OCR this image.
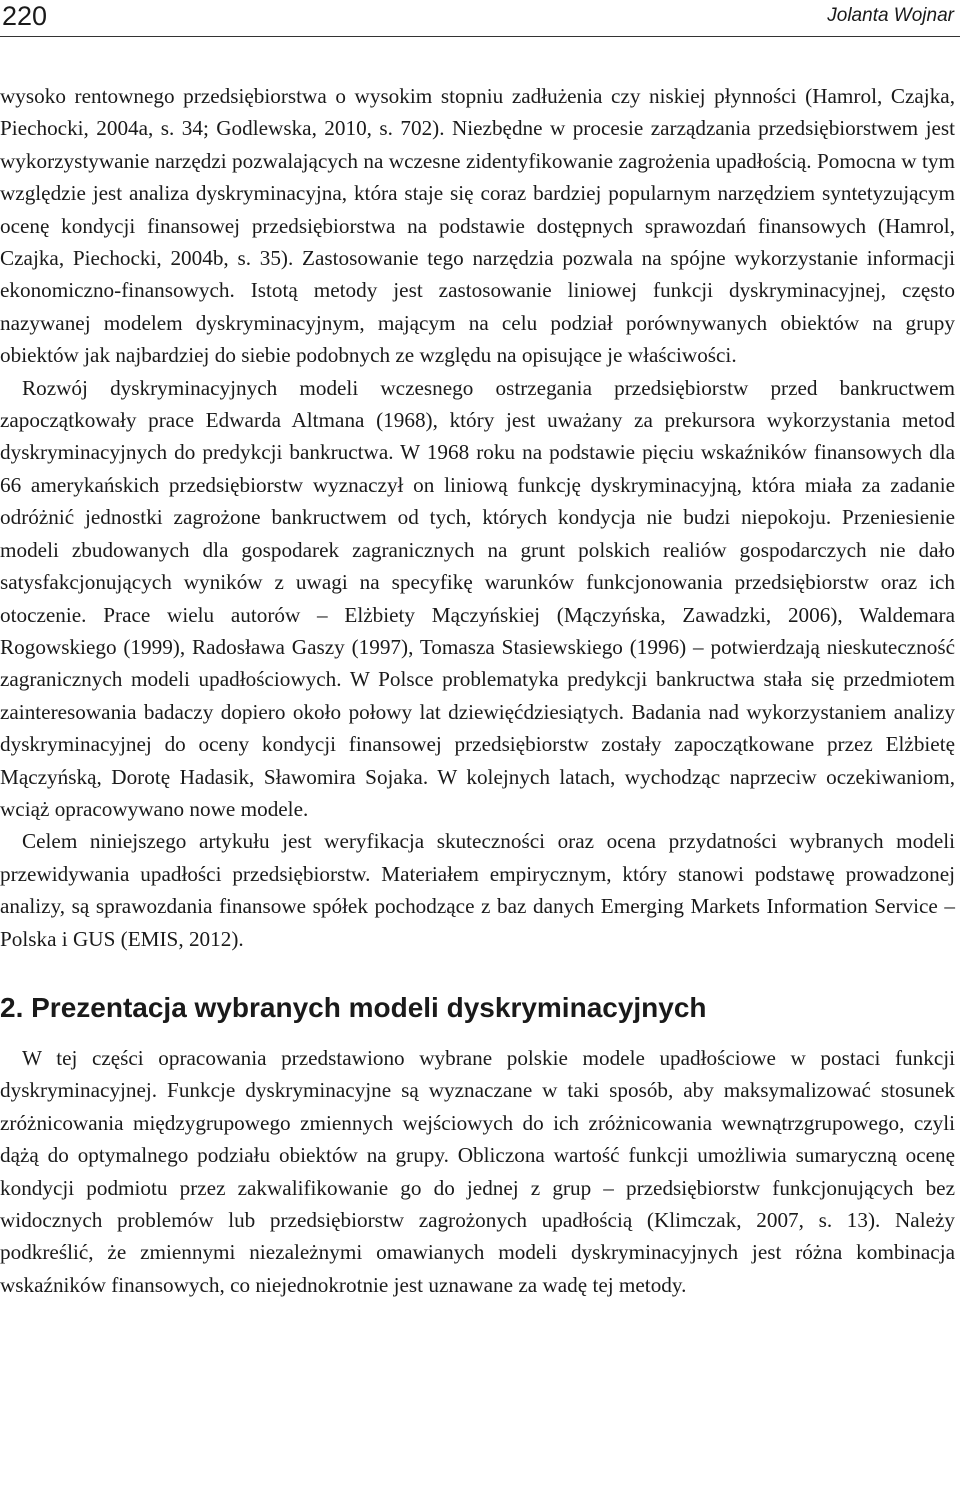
220	Jolanta Wojnar

wysoko rentownego przedsiębiorstwa o wysokim stopniu zadłużenia czy niskiej płynności (Hamrol, Czajka, Piechocki, 2004a, s. 34; Godlewska, 2010, s. 702). Niezbędne w procesie zarządzania przedsiębiorstwem jest wykorzystywanie narzędzi pozwalających na wczesne zidentyfikowanie zagrożenia upadłością. Pomocna w tym względzie jest analiza dyskryminacyjna, która staje się coraz bardziej popularnym narzędziem syntetyzującym ocenę kondycji finansowej przedsiębiorstwa na podstawie dostępnych sprawozdań finansowych (Hamrol, Czajka, Piechocki, 2004b, s. 35). Zastosowanie tego narzędzia pozwala na spójne wykorzystanie informacji ekonomiczno-finansowych. Istotą metody jest zastosowanie liniowej funkcji dyskryminacyjnej, często nazywanej modelem dyskryminacyjnym, mającym na celu podział porównywanych obiektów na grupy obiektów jak najbardziej do siebie podobnych ze względu na opisujące je właściwości.

Rozwój dyskryminacyjnych modeli wczesnego ostrzegania przedsiębiorstw przed bankructwem zapoczątkowały prace Edwarda Altmana (1968), który jest uważany za prekursora wykorzystania metod dyskryminacyjnych do predykcji bankructwa. W 1968 roku na podstawie pięciu wskaźników finansowych dla 66 amerykańskich przedsiębiorstw wyznaczył on liniową funkcję dyskryminacyjną, która miała za zadanie odróżnić jednostki zagrożone bankructwem od tych, których kondycja nie budzi niepokoju. Przeniesienie modeli zbudowanych dla gospodarek zagranicznych na grunt polskich realiów gospodarczych nie dało satysfakcjonujących wyników z uwagi na specyfikę warunków funkcjonowania przedsiębiorstw oraz ich otoczenie. Prace wielu autorów – Elżbiety Mączyńskiej (Mączyńska, Zawadzki, 2006), Waldemara Rogowskiego (1999), Radosława Gaszy (1997), Tomasza Stasiewskiego (1996) – potwierdzają nieskuteczność zagranicznych modeli upadłościowych. W Polsce problematyka predykcji bankructwa stała się przedmiotem zainteresowania badaczy dopiero około połowy lat dziewięćdziesiątych. Badania nad wykorzystaniem analizy dyskryminacyjnej do oceny kondycji finansowej przedsiębiorstw zostały zapoczątkowane przez Elżbietę Mączyńską, Dorotę Hadasik, Sławomira Sojaka. W kolejnych latach, wychodząc naprzeciw oczekiwaniom, wciąż opracowywano nowe modele.

Celem niniejszego artykułu jest weryfikacja skuteczności oraz ocena przydatności wybranych modeli przewidywania upadłości przedsiębiorstw. Materiałem empirycznym, który stanowi podstawę prowadzonej analizy, są sprawozdania finansowe spółek pochodzące z baz danych Emerging Markets Information Service – Polska i GUS (EMIS, 2012).

2. Prezentacja wybranych modeli dyskryminacyjnych

W tej części opracowania przedstawiono wybrane polskie modele upadłościowe w postaci funkcji dyskryminacyjnej. Funkcje dyskryminacyjne są wyznaczane w taki sposób, aby maksymalizować stosunek zróżnicowania międzygrupowego zmiennych wejściowych do ich zróżnicowania wewnątrzgrupowego, czyli dążą do optymalnego podziału obiektów na grupy. Obliczona wartość funkcji umożliwia sumaryczną ocenę kondycji podmiotu przez zakwalifikowanie go do jednej z grup – przedsiębiorstw funkcjonujących bez widocznych problemów lub przedsiębiorstw zagrożonych upadłością (Klimczak, 2007, s. 13). Należy podkreślić, że zmiennymi niezależnymi omawianych modeli dyskryminacyjnych jest różna kombinacja wskaźników finansowych, co niejednokrotnie jest uznawane za wadę tej metody.
